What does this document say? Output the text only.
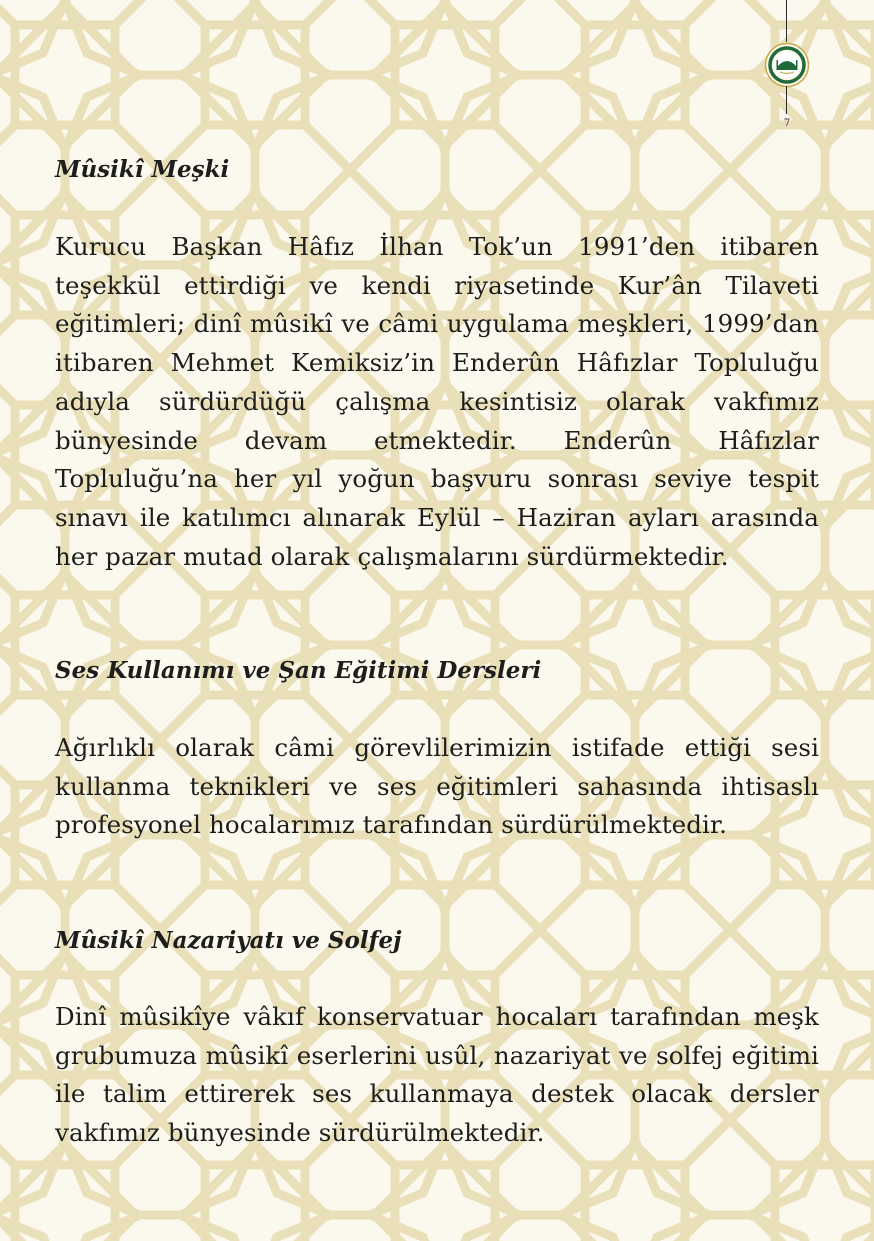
7
Mûsikî Meşki

Kurucu Başkan Hâfız İlhan Tok’un 1991’den itibaren teşekkül ettirdiği ve kendi riyasetinde Kur’ân Tilaveti eğitimleri; dinî mûsikî ve câmi uygulama meşkleri, 1999’dan itibaren Mehmet Kemiksiz’in Enderûn Hâfızlar Topluluğu adıyla sürdürdüğü çalışma kesintisiz olarak vakfımız bünyesinde devam etmektedir. Enderûn Hâfızlar Topluluğu’na her yıl yoğun başvuru sonrası seviye tespit sınavı ile katılımcı alınarak Eylül – Haziran ayları arasında her pazar mutad olarak çalışmalarını sürdürmektedir.

Ses Kullanımı ve Şan Eğitimi Dersleri

Ağırlıklı olarak câmi görevlilerimizin istifade ettiği sesi kullanma teknikleri ve ses eğitimleri sahasında ihtisaslı profesyonel hocalarımız tarafından sürdürülmektedir.

Mûsikî Nazariyatı ve Solfej

Dinî mûsikîye vâkıf konservatuar hocaları tarafından meşk grubumuza mûsikî eserlerini usûl, nazariyat ve solfej eğitimi ile talim ettirerek ses kullanmaya destek olacak dersler vakfımız bünyesinde sürdürülmektedir.
